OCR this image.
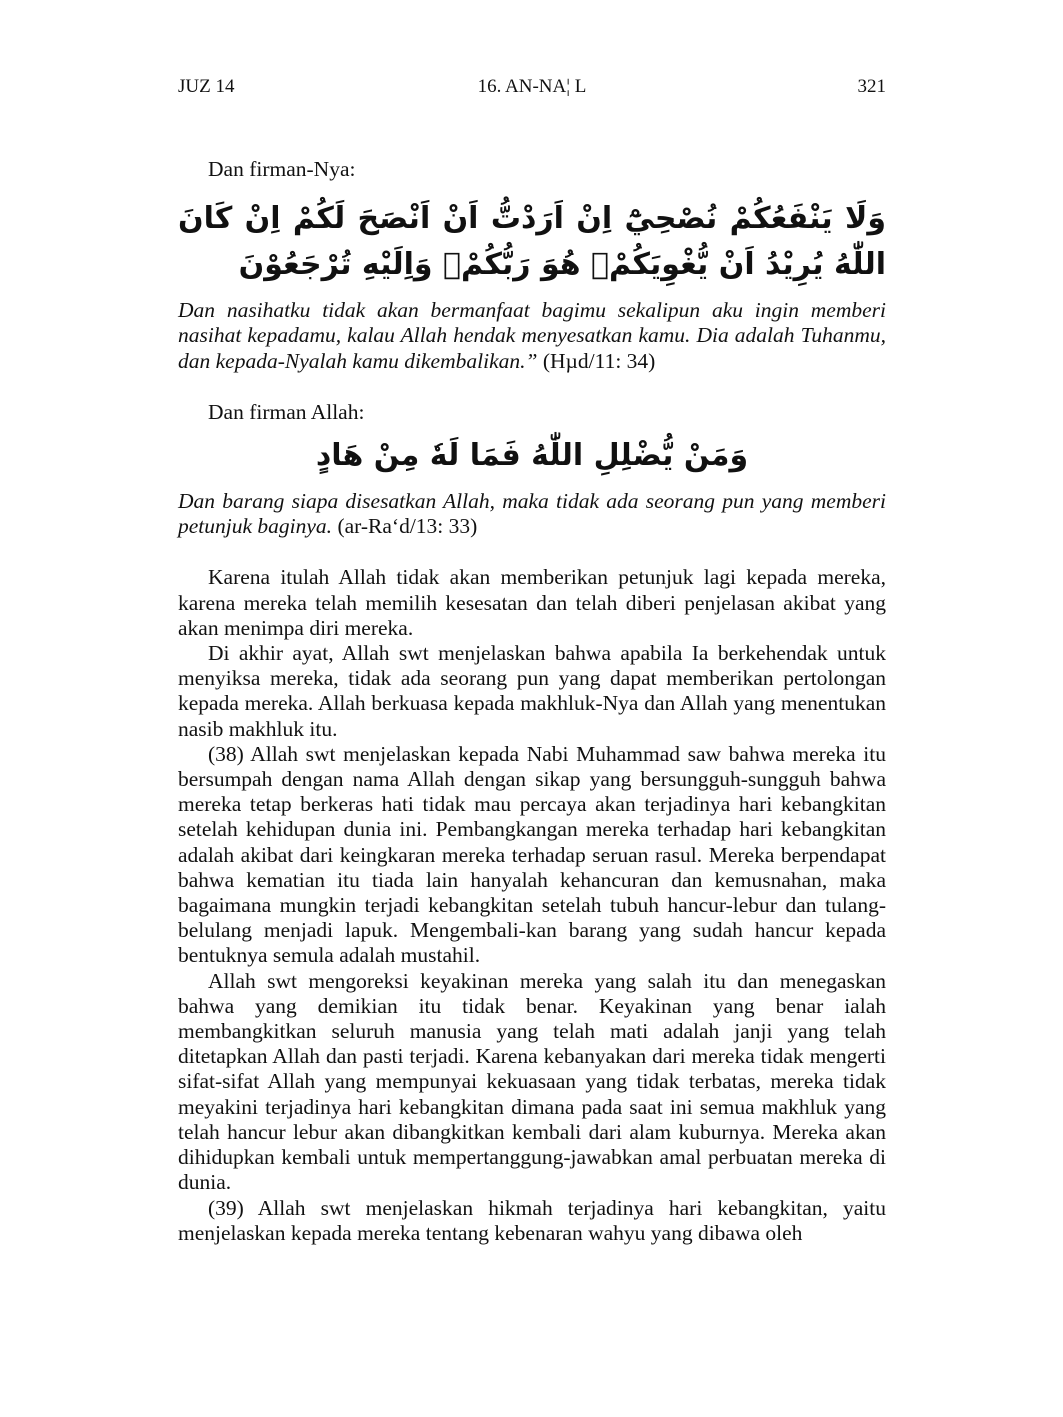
JUZ 14	16. AN-NA¦ L	321

Dan firman-Nya:

وَلَا يَنْفَعُكُمْ نُصْحِيْٓ اِنْ اَرَدْتُّ اَنْ اَنْصَحَ لَكُمْ اِنْ كَانَ اللّٰهُ يُرِيْدُ اَنْ يُّغْوِيَكُمْۗ هُوَ رَبُّكُمْۗ وَاِلَيْهِ تُرْجَعُوْنَ

Dan nasihatku tidak akan bermanfaat bagimu sekalipun aku ingin memberi nasihat kepadamu, kalau Allah hendak menyesatkan kamu. Dia adalah Tuhanmu, dan kepada-Nyalah kamu dikembalikan.” (Hµd/11: 34)

Dan firman Allah:

وَمَنْ يُّضْلِلِ اللّٰهُ فَمَا لَهٗ مِنْ هَادٍ

Dan barang siapa disesatkan Allah, maka tidak ada seorang pun yang memberi petunjuk baginya. (ar-Ra‘d/13: 33)

Karena itulah Allah tidak akan memberikan petunjuk lagi kepada mereka, karena mereka telah memilih kesesatan dan telah diberi penjelasan akibat yang akan menimpa diri mereka.

Di akhir ayat, Allah swt menjelaskan bahwa apabila Ia berkehendak untuk menyiksa mereka, tidak ada seorang pun yang dapat memberikan pertolongan kepada mereka. Allah berkuasa kepada makhluk-Nya dan Allah yang menentukan nasib makhluk itu.

(38) Allah swt menjelaskan kepada Nabi Muhammad saw bahwa mereka itu bersumpah dengan nama Allah dengan sikap yang bersungguh-sungguh bahwa mereka tetap berkeras hati tidak mau percaya akan terjadinya hari kebangkitan setelah kehidupan dunia ini. Pembangkangan mereka terhadap hari kebangkitan adalah akibat dari keingkaran mereka terhadap seruan rasul. Mereka berpendapat bahwa kematian itu tiada lain hanyalah kehancuran dan kemusnahan, maka bagaimana mungkin terjadi kebangkitan setelah tubuh hancur-lebur dan tulang-belulang menjadi lapuk. Mengembali-kan barang yang sudah hancur kepada bentuknya semula adalah mustahil.

Allah swt mengoreksi keyakinan mereka yang salah itu dan menegaskan bahwa yang demikian itu tidak benar. Keyakinan yang benar ialah membangkitkan seluruh manusia yang telah mati adalah janji yang telah ditetapkan Allah dan pasti terjadi. Karena kebanyakan dari mereka tidak mengerti sifat-sifat Allah yang mempunyai kekuasaan yang tidak terbatas, mereka tidak meyakini terjadinya hari kebangkitan dimana pada saat ini semua makhluk yang telah hancur lebur akan dibangkitkan kembali dari alam kuburnya. Mereka akan dihidupkan kembali untuk mempertanggung-jawabkan amal perbuatan mereka di dunia.

(39) Allah swt menjelaskan hikmah terjadinya hari kebangkitan, yaitu menjelaskan kepada mereka tentang kebenaran wahyu yang dibawa oleh
